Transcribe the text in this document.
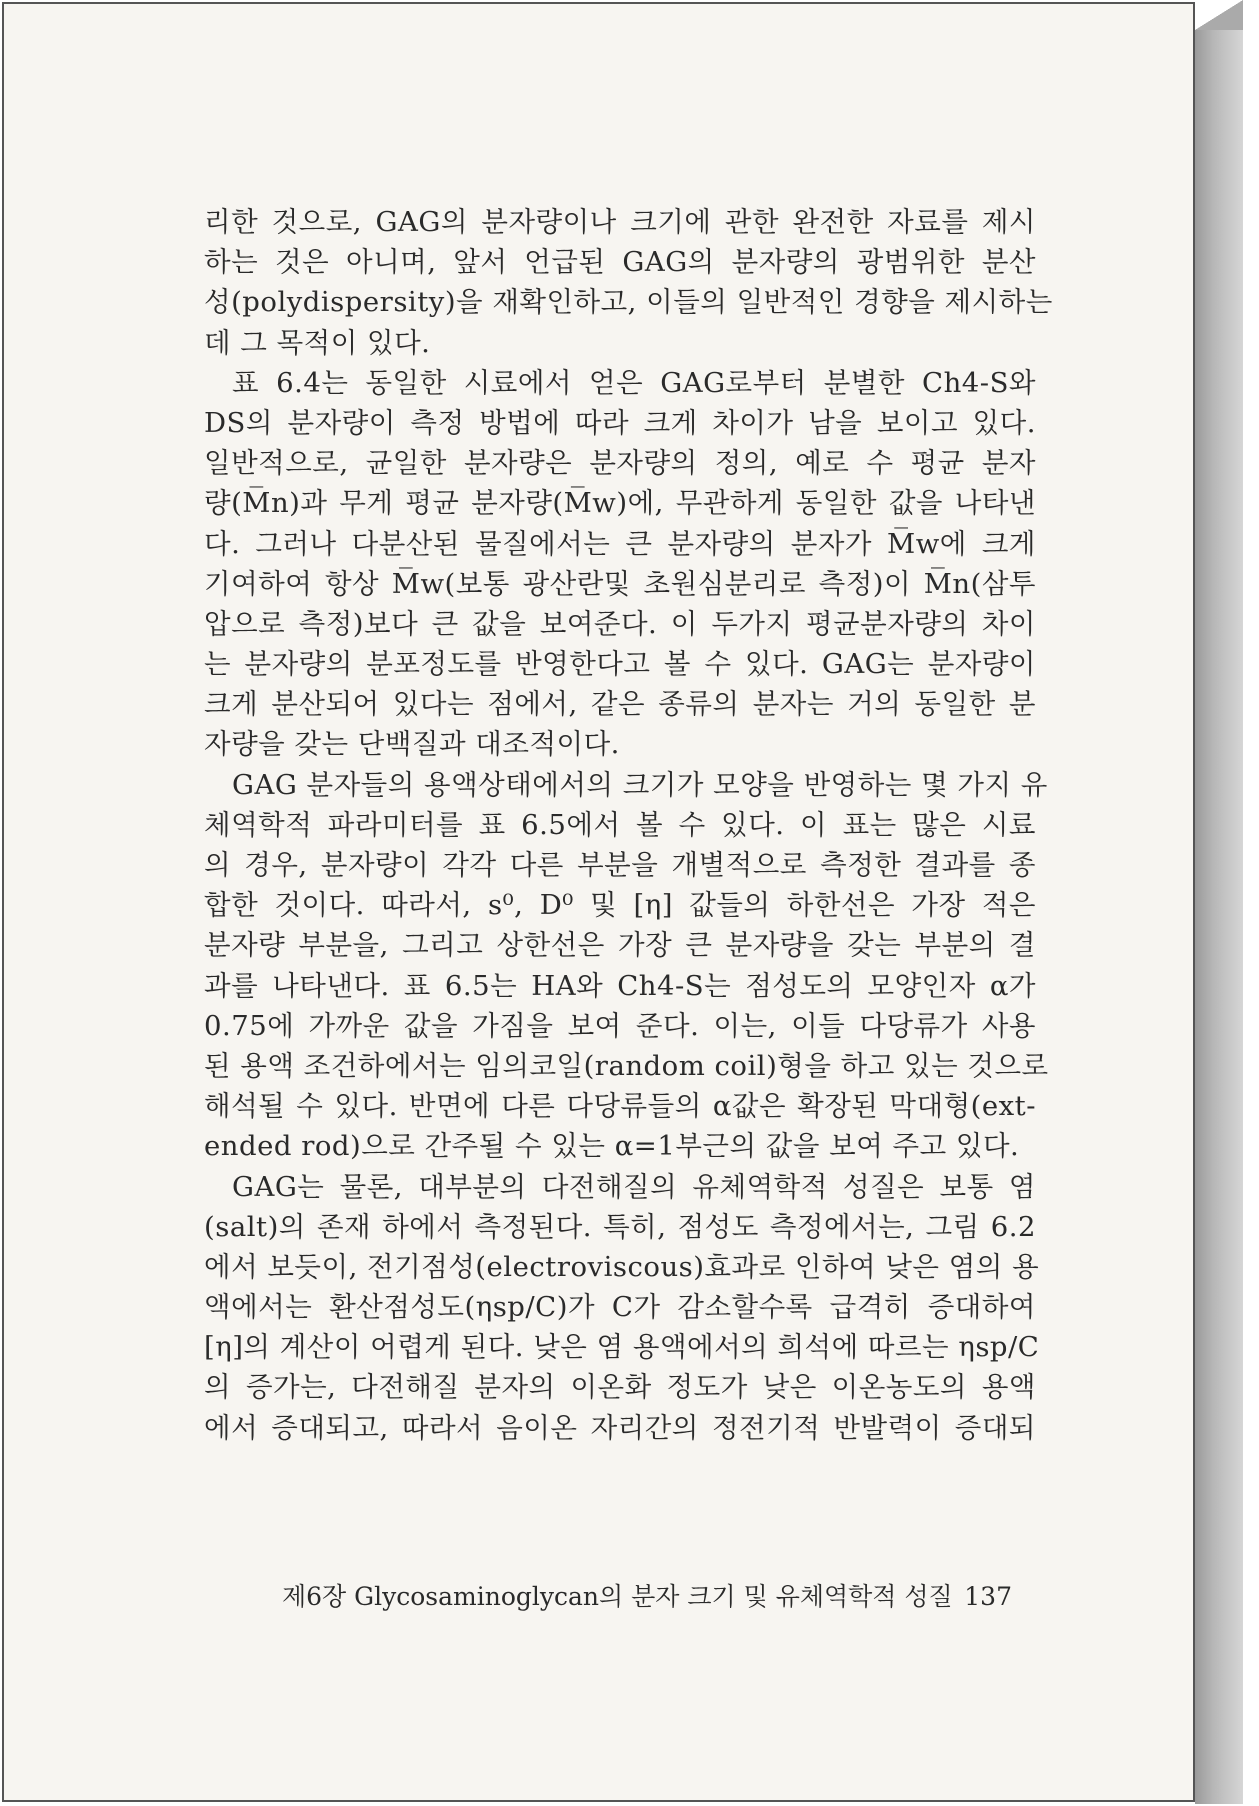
리한 것으로, GAG의 분자량이나 크기에 관한 완전한 자료를 제시
하는 것은 아니며, 앞서 언급된 GAG의 분자량의 광범위한 분산
성(polydispersity)을 재확인하고, 이들의 일반적인 경향을 제시하는
데 그 목적이 있다.
표 6.4는 동일한 시료에서 얻은 GAG로부터 분별한 Ch4-S와
DS의 분자량이 측정 방법에 따라 크게 차이가 남을 보이고 있다.
일반적으로, 균일한 분자량은 분자량의 정의, 예로 수 평균 분자
량(M̅n)과 무게 평균 분자량(M̅w)에, 무관하게 동일한 값을 나타낸
다. 그러나 다분산된 물질에서는 큰 분자량의 분자가 M̅w에 크게
기여하여 항상 M̅w(보통 광산란및 초원심분리로 측정)이 M̅n(삼투
압으로 측정)보다 큰 값을 보여준다. 이 두가지 평균분자량의 차이
는 분자량의 분포정도를 반영한다고 볼 수 있다. GAG는 분자량이
크게 분산되어 있다는 점에서, 같은 종류의 분자는 거의 동일한 분
자량을 갖는 단백질과 대조적이다.
GAG 분자들의 용액상태에서의 크기가 모양을 반영하는 몇 가지 유
체역학적 파라미터를 표 6.5에서 볼 수 있다. 이 표는 많은 시료
의 경우, 분자량이 각각 다른 부분을 개별적으로 측정한 결과를 종
합한 것이다. 따라서, s⁰, D⁰ 및 [η] 값들의 하한선은 가장 적은
분자량 부분을, 그리고 상한선은 가장 큰 분자량을 갖는 부분의 결
과를 나타낸다. 표 6.5는 HA와 Ch4-S는 점성도의 모양인자 α가
0.75에 가까운 값을 가짐을 보여 준다. 이는, 이들 다당류가 사용
된 용액 조건하에서는 임의코일(random coil)형을 하고 있는 것으로
해석될 수 있다. 반면에 다른 다당류들의 α값은 확장된 막대형(ext-
ended rod)으로 간주될 수 있는 α=1부근의 값을 보여 주고 있다.
GAG는 물론, 대부분의 다전해질의 유체역학적 성질은 보통 염
(salt)의 존재 하에서 측정된다. 특히, 점성도 측정에서는, 그림 6.2
에서 보듯이, 전기점성(electroviscous)효과로 인하여 낮은 염의 용
액에서는 환산점성도(ηsp/C)가 C가 감소할수록 급격히 증대하여
[η]의 계산이 어렵게 된다. 낮은 염 용액에서의 희석에 따르는 ηsp/C
의 증가는, 다전해질 분자의 이온화 정도가 낮은 이온농도의 용액
에서 증대되고, 따라서 음이온 자리간의 정전기적 반발력이 증대되
제6장 Glycosaminoglycan의 분자 크기 및 유체역학적 성질 137
